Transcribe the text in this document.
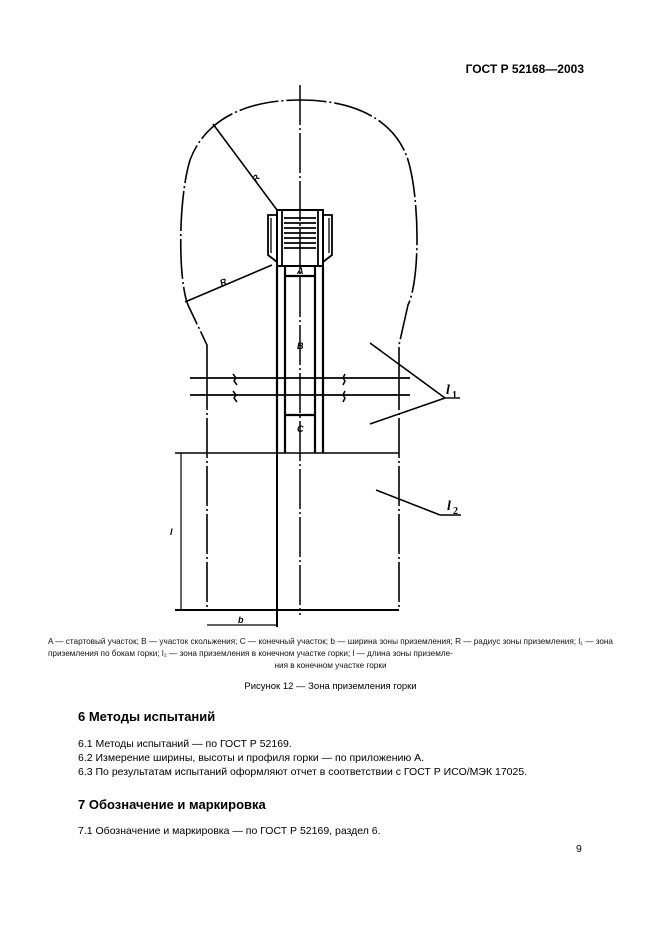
ГОСТ Р 52168—2003
R
R
A
B
C
l
b
l 1
l 2
A — стартовый участок; B — участок скольжения; C — конечный участок; b — ширина зоны приземления; R — радиус зоны приземления; l₁ — зона приземления по бокам горки; l₂ — зона приземления в конечном участке горки; l — длина зоны приземле-
ния в конечном участке горки
Рисунок 12 — Зона приземления горки
6 Методы испытаний
6.1 Методы испытаний — по ГОСТ Р 52169.
6.2 Измерение ширины, высоты и профиля горки — по приложению А.
6.3 По результатам испытаний оформляют отчет в соответствии с ГОСТ Р ИСО/МЭК 17025.
7 Обозначение и маркировка
7.1 Обозначение и маркировка — по ГОСТ Р 52169, раздел 6.
9
